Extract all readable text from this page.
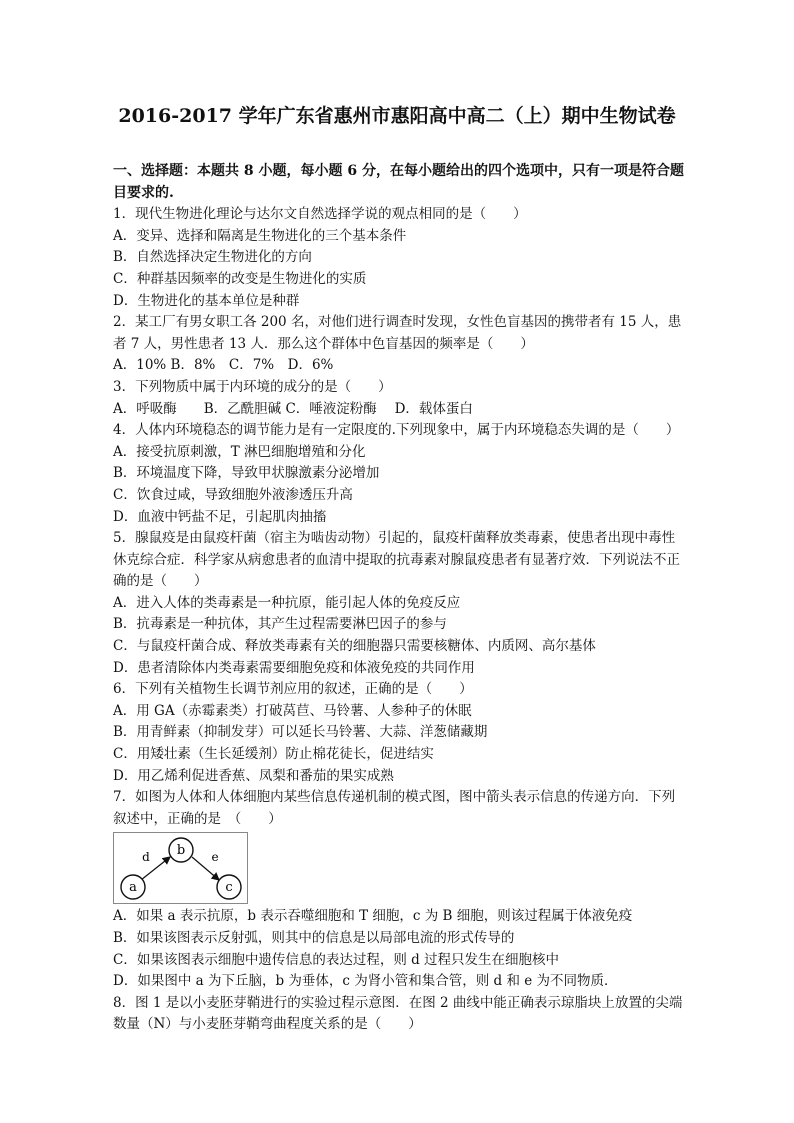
2016-2017 学年广东省惠州市惠阳高中高二（上）期中生物试卷
一、选择题：本题共 8 小题，每小题 6 分，在每小题给出的四个选项中，只有一项是符合题目要求的.
1．现代生物进化理论与达尔文自然选择学说的观点相同的是（　　）
A．变异、选择和隔离是生物进化的三个基本条件
B．自然选择决定生物进化的方向
C．种群基因频率的改变是生物进化的实质
D．生物进化的基本单位是种群
2．某工厂有男女职工各 200 名，对他们进行调查时发现，女性色盲基因的携带者有 15 人，患者 7 人，男性患者 13 人．那么这个群体中色盲基因的频率是（　　）
A．10% B．8%　C．7%　D．6%
3．下列物质中属于内环境的成分的是（　　）
A．呼吸酶　　B．乙酰胆碱 C．唾液淀粉酶　 D．载体蛋白
4．人体内环境稳态的调节能力是有一定限度的.下列现象中，属于内环境稳态失调的是（　　）
A．接受抗原刺激，T 淋巴细胞增殖和分化
B．环境温度下降，导致甲状腺激素分泌增加
C．饮食过咸，导致细胞外液渗透压升高
D．血液中钙盐不足，引起肌肉抽搐
5．腺鼠疫是由鼠疫杆菌（宿主为啮齿动物）引起的，鼠疫杆菌释放类毒素，使患者出现中毒性休克综合症．科学家从病愈患者的血清中提取的抗毒素对腺鼠疫患者有显著疗效．下列说法不正确的是（　　）
A．进入人体的类毒素是一种抗原，能引起人体的免疫反应
B．抗毒素是一种抗体，其产生过程需要淋巴因子的参与
C．与鼠疫杆菌合成、释放类毒素有关的细胞器只需要核糖体、内质网、高尔基体
D．患者清除体内类毒素需要细胞免疫和体液免疫的共同作用
6．下列有关植物生长调节剂应用的叙述，正确的是（　　）
A．用 GA（赤霉素类）打破莴苣、马铃薯、人参种子的休眠
B．用青鲜素（抑制发芽）可以延长马铃薯、大蒜、洋葱储藏期
C．用矮壮素（生长延缓剂）防止棉花徒长，促进结实
D．用乙烯利促进香蕉、凤梨和番茄的果实成熟
7．如图为人体和人体细胞内某些信息传递机制的模式图，图中箭头表示信息的传递方向．下列叙述中，正确的是　（　　）
b
a	c
d	e
A．如果 a 表示抗原，b 表示吞噬细胞和 T 细胞，c 为 B 细胞，则该过程属于体液免疫
B．如果该图表示反射弧，则其中的信息是以局部电流的形式传导的
C．如果该图表示细胞中遗传信息的表达过程，则 d 过程只发生在细胞核中
D．如果图中 a 为下丘脑，b 为垂体，c 为肾小管和集合管，则 d 和 e 为不同物质．
8．图 1 是以小麦胚芽鞘进行的实验过程示意图．在图 2 曲线中能正确表示琼脂块上放置的尖端数量（N）与小麦胚芽鞘弯曲程度关系的是（　　）
